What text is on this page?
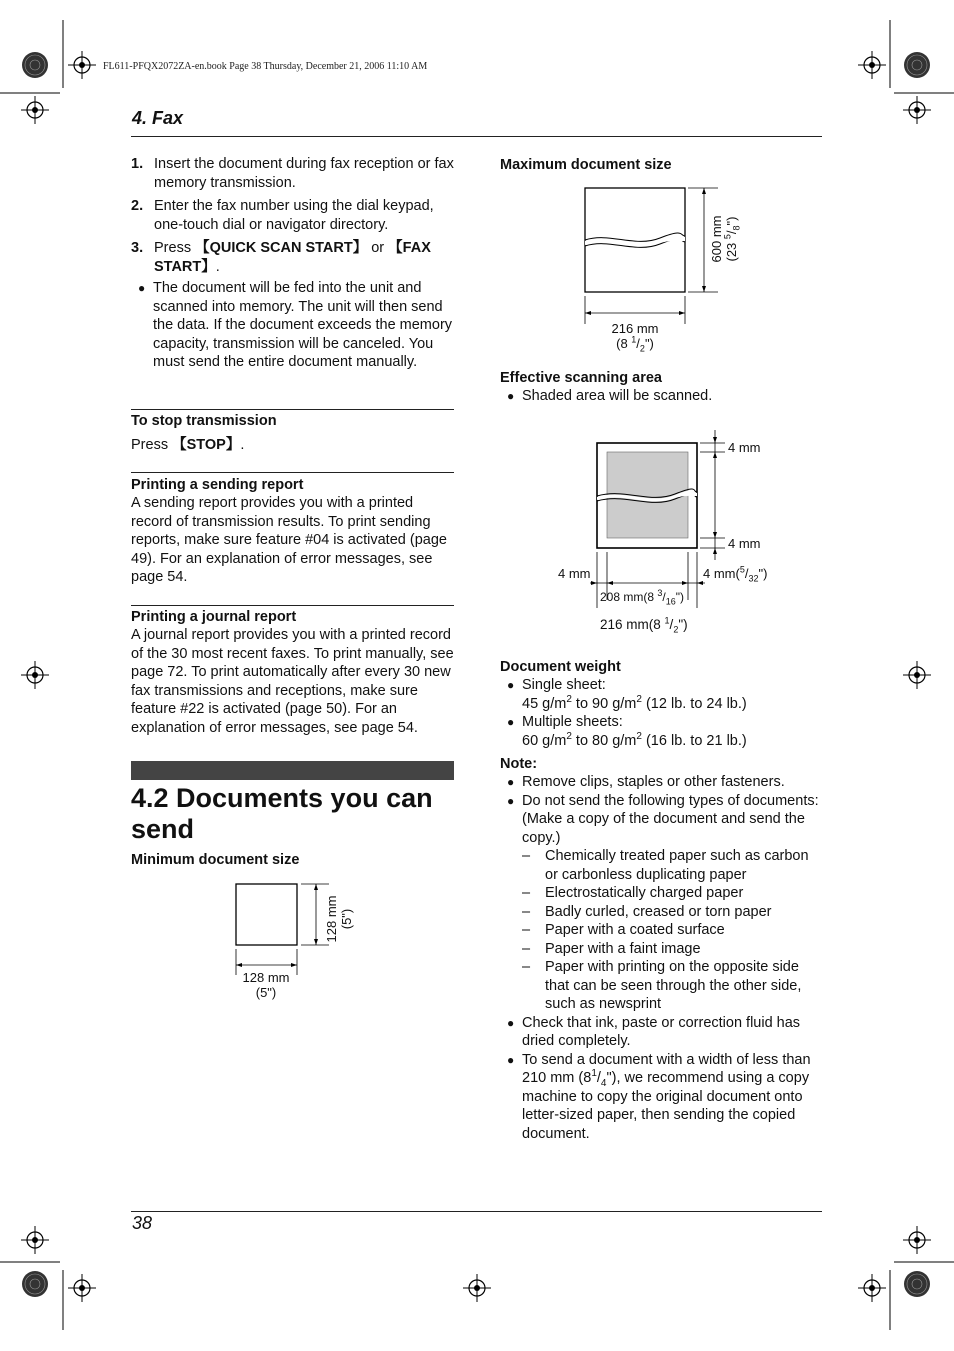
FL611-PFQX2072ZA-en.book Page 38 Thursday, December 21, 2006 11:10 AM
4. Fax
1. Insert the document during fax reception or fax memory transmission.
2. Enter the fax number using the dial keypad, one-touch dial or navigator directory.
3. Press 【QUICK SCAN START】 or 【FAX START】.
● The document will be fed into the unit and scanned into memory. The unit will then send the data. If the document exceeds the memory capacity, transmission will be canceled. You must send the entire document manually.
To stop transmission
Press 【STOP】.
Printing a sending report
A sending report provides you with a printed record of transmission results. To print sending reports, make sure feature #04 is activated (page 49). For an explanation of error messages, see page 54.
Printing a journal report
A journal report provides you with a printed record of the 30 most recent faxes. To print manually, see page 72. To print automatically after every 30 new fax transmissions and receptions, make sure feature #22 is activated (page 50). For an explanation of error messages, see page 54.
4.2 Documents you can
send
Minimum document size
128 mm
(5")
128 mm (5")
Maximum document size
216 mm
(8 $^1/_2$")
600 mm (23 $^5/_8$")
Effective scanning area
● Shaded area will be scanned.
4 mm
4 mm
4 mm	4 $mm(^5/_{32}")$
208 mm(8 $^3/_{16}$")
216 mm(8 $^1/_2$")
Document weight
● Single sheet:
45 $g/m^2$ to 90 $g/m^2$ (12 lb. to 24 lb.)
● Multiple sheets:
60 $g/m^2$ to 80 $g/m^2$ (16 lb. to 21 lb.)
Note:
● Remove clips, staples or other fasteners.
● Do not send the following types of documents: (Make a copy of the document and send the copy.)
– Chemically treated paper such as carbon or carbonless duplicating paper
– Electrostatically charged paper
– Badly curled, creased or torn paper
– Paper with a coated surface
– Paper with a faint image
– Paper with printing on the opposite side that can be seen through the other side, such as newsprint
● Check that ink, paste or correction fluid has dried completely.
● To send a document with a width of less than 210 mm $(8^1/_4")$, we recommend using a copy machine to copy the original document onto letter-sized paper, then sending the copied document.
38
